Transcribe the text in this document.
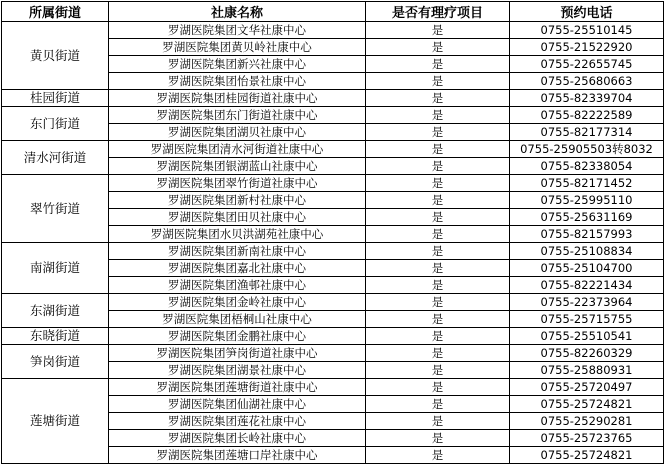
所属街道	社康名称	是否有理疗项目	预约电话
黄贝街道	罗湖医院集团文华社康中心	是	0755-25510145
	罗湖医院集团黄贝岭社康中心	是	0755-21522920
	罗湖医院集团新兴社康中心	是	0755-22655745
	罗湖医院集团怡景社康中心	是	0755-25680663
桂园街道	罗湖医院集团桂园街道社康中心	是	0755-82339704
东门街道	罗湖医院集团东门街道社康中心	是	0755-82222589
	罗湖医院集团湖贝社康中心	是	0755-82177314
清水河街道	罗湖医院集团清水河街道社康中心	是	0755-25905503转8032
	罗湖医院集团银湖蓝山社康中心	是	0755-82338054
翠竹街道	罗湖医院集团翠竹街道社康中心	是	0755-82171452
	罗湖医院集团新村社康中心	是	0755-25995110
	罗湖医院集团田贝社康中心	是	0755-25631169
	罗湖医院集团水贝洪湖苑社康中心	是	0755-82157993
南湖街道	罗湖医院集团新南社康中心	是	0755-25108834
	罗湖医院集团嘉北社康中心	是	0755-25104700
	罗湖医院集团渔邨社康中心	是	0755-82221434
东湖街道	罗湖医院集团金岭社康中心	是	0755-22373964
	罗湖医院集团梧桐山社康中心	是	0755-25715755
东晓街道	罗湖医院集团金鹏社康中心	是	0755-25510541
笋岗街道	罗湖医院集团笋岗街道社康中心	是	0755-82260329
	罗湖医院集团湖景社康中心	是	0755-25880931
莲塘街道	罗湖医院集团莲塘街道社康中心	是	0755-25720497
	罗湖医院集团仙湖社康中心	是	0755-25724821
	罗湖医院集团莲花社康中心	是	0755-25290281
	罗湖医院集团长岭社康中心	是	0755-25723765
	罗湖医院集团莲塘口岸社康中心	是	0755-25724821
